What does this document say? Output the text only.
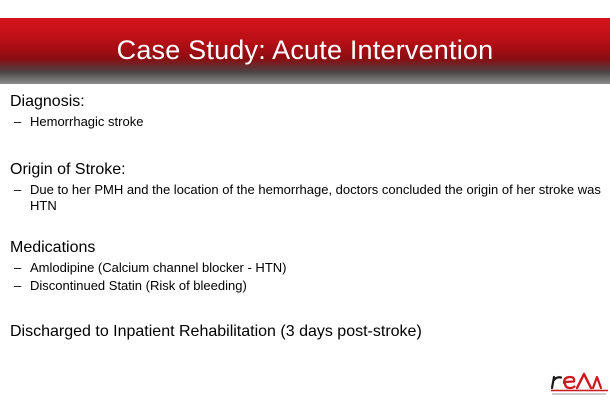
Case Study: Acute Intervention

Diagnosis:

– Hemorrhagic stroke

Origin of Stroke:

– Due to her PMH and the location of the hemorrhage, doctors concluded the origin of her stroke was HTN

Medications

– Amlodipine (Calcium channel blocker - HTN)

– Discontinued Statin (Risk of bleeding)

Discharged to Inpatient Rehabilitation (3 days post-stroke)
